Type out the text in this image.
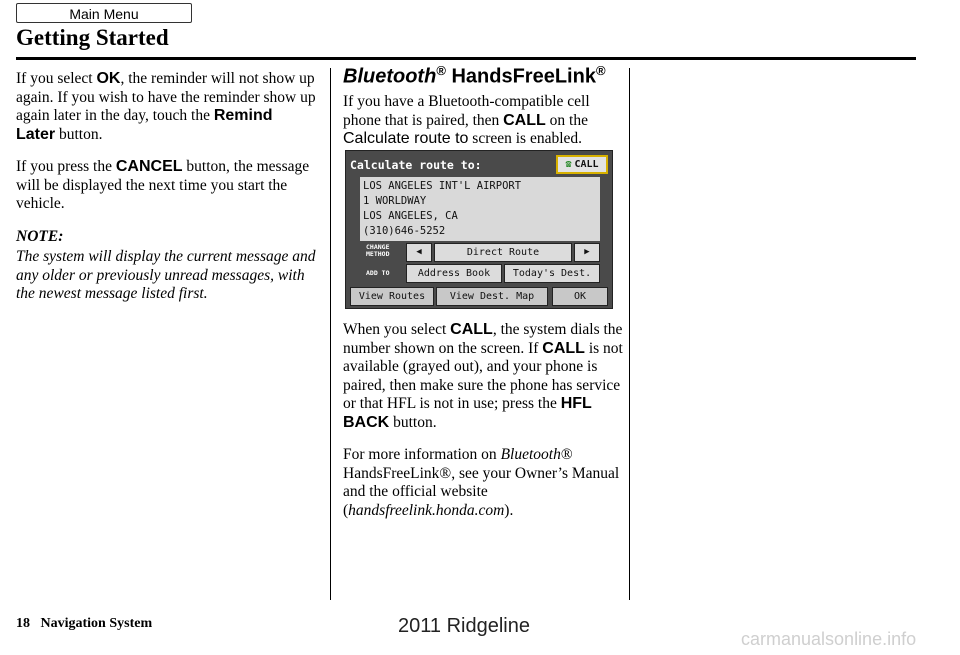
Main Menu
Getting Started

If you select OK, the reminder will not show up again. If you wish to have the reminder show up again later in the day, touch the Remind Later button.

If you press the CANCEL button, the message will be displayed the next time you start the vehicle.

NOTE:

The system will display the current message and any older or previously unread messages, with the newest message listed first.

Bluetooth® HandsFreeLink®
If you have a Bluetooth-compatible cell phone that is paired, then CALL on the Calculate route to screen is enabled.
Calculate route to:	☎ CALL
LOS ANGELES INT'L AIRPORT
1 WORLDWAY
LOS ANGELES, CA
(310)646-5252
CHANGE METHOD	◀	Direct Route	▶
ADD TO	Address Book	Today's Dest.
View Routes	View Dest. Map	OK

When you select CALL, the system dials the number shown on the screen. If CALL is not available (grayed out), and your phone is paired, then make sure the phone has service or that HFL is not in use; press the HFL BACK button.

For more information on Bluetooth® HandsFreeLink®, see your Owner’s Manual and the official website (handsfreelink.honda.com).

18 Navigation System	2011 Ridgeline
carmanualsonline.info
